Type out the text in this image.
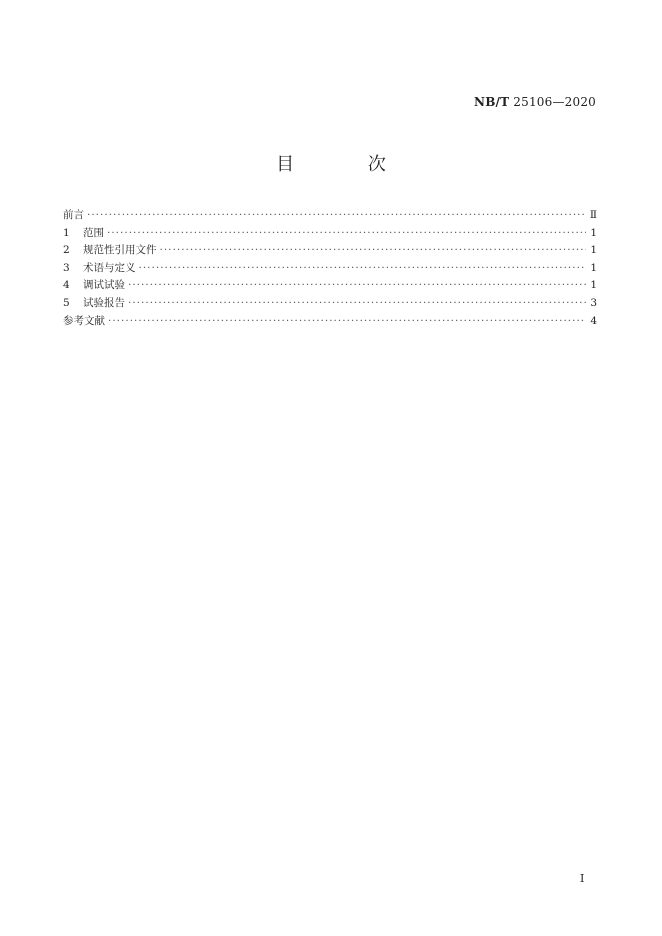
NB/T 25106—2020
目 次
前言 ·····	Ⅱ
1	范围 ·····	1
2	规范性引用文件 ·····	1
3	术语与定义 ·····	1
4	调试试验 ·····	1
5	试验报告 ·····	3
参考文献 ·····	4
I
